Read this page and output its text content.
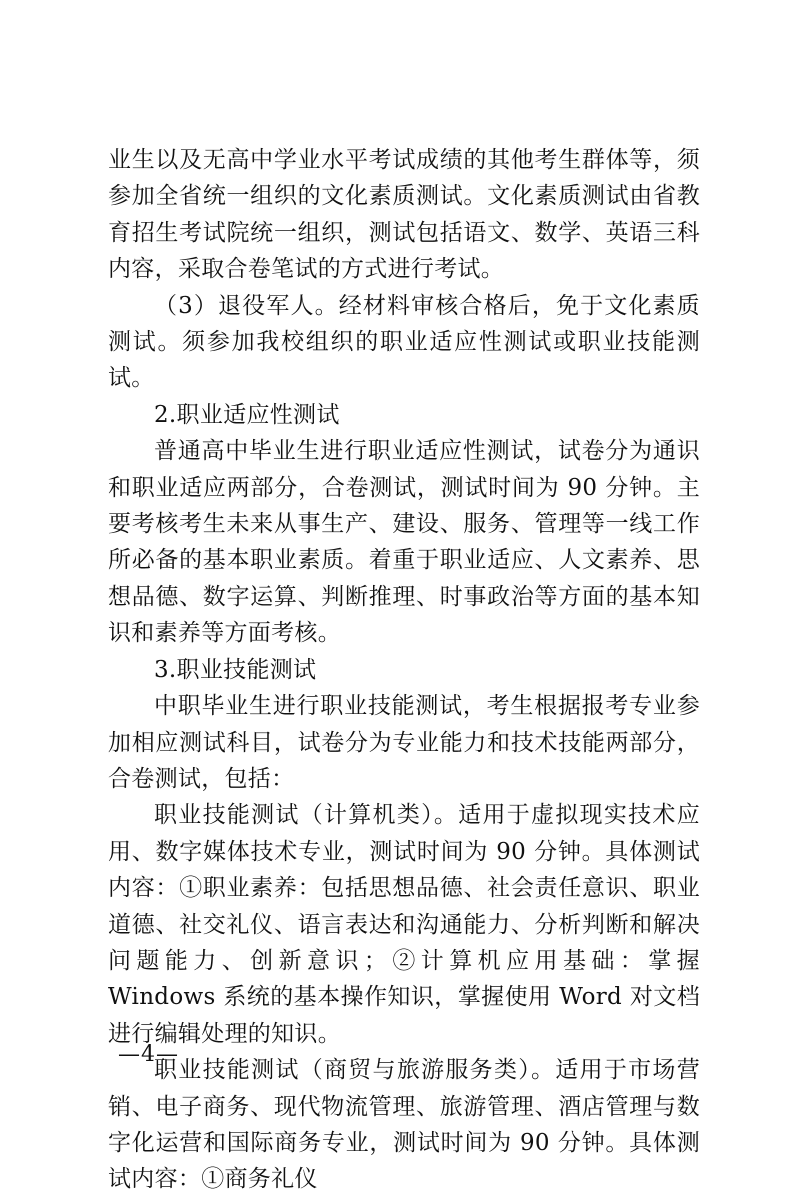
业生以及无高中学业水平考试成绩的其他考生群体等，须参加全省统一组织的文化素质测试。文化素质测试由省教育招生考试院统一组织，测试包括语文、数学、英语三科内容，采取合卷笔试的方式进行考试。

（3）退役军人。经材料审核合格后，免于文化素质测试。须参加我校组织的职业适应性测试或职业技能测试。

2.职业适应性测试

普通高中毕业生进行职业适应性测试，试卷分为通识和职业适应两部分，合卷测试，测试时间为 90 分钟。主要考核考生未来从事生产、建设、服务、管理等一线工作所必备的基本职业素质。着重于职业适应、人文素养、思想品德、数字运算、判断推理、时事政治等方面的基本知识和素养等方面考核。

3.职业技能测试

中职毕业生进行职业技能测试，考生根据报考专业参加相应测试科目，试卷分为专业能力和技术技能两部分，合卷测试，包括：

职业技能测试（计算机类）。适用于虚拟现实技术应用、数字媒体技术专业，测试时间为 90 分钟。具体测试内容：①职业素养：包括思想品德、社会责任意识、职业道德、社交礼仪、语言表达和沟通能力、分析判断和解决问题能力、创新意识；②计算机应用基础：掌握 Windows 系统的基本操作知识，掌握使用 Word 对文档进行编辑处理的知识。

职业技能测试（商贸与旅游服务类）。适用于市场营销、电子商务、现代物流管理、旅游管理、酒店管理与数字化运营和国际商务专业，测试时间为 90 分钟。具体测试内容：①商务礼仪

—4—
